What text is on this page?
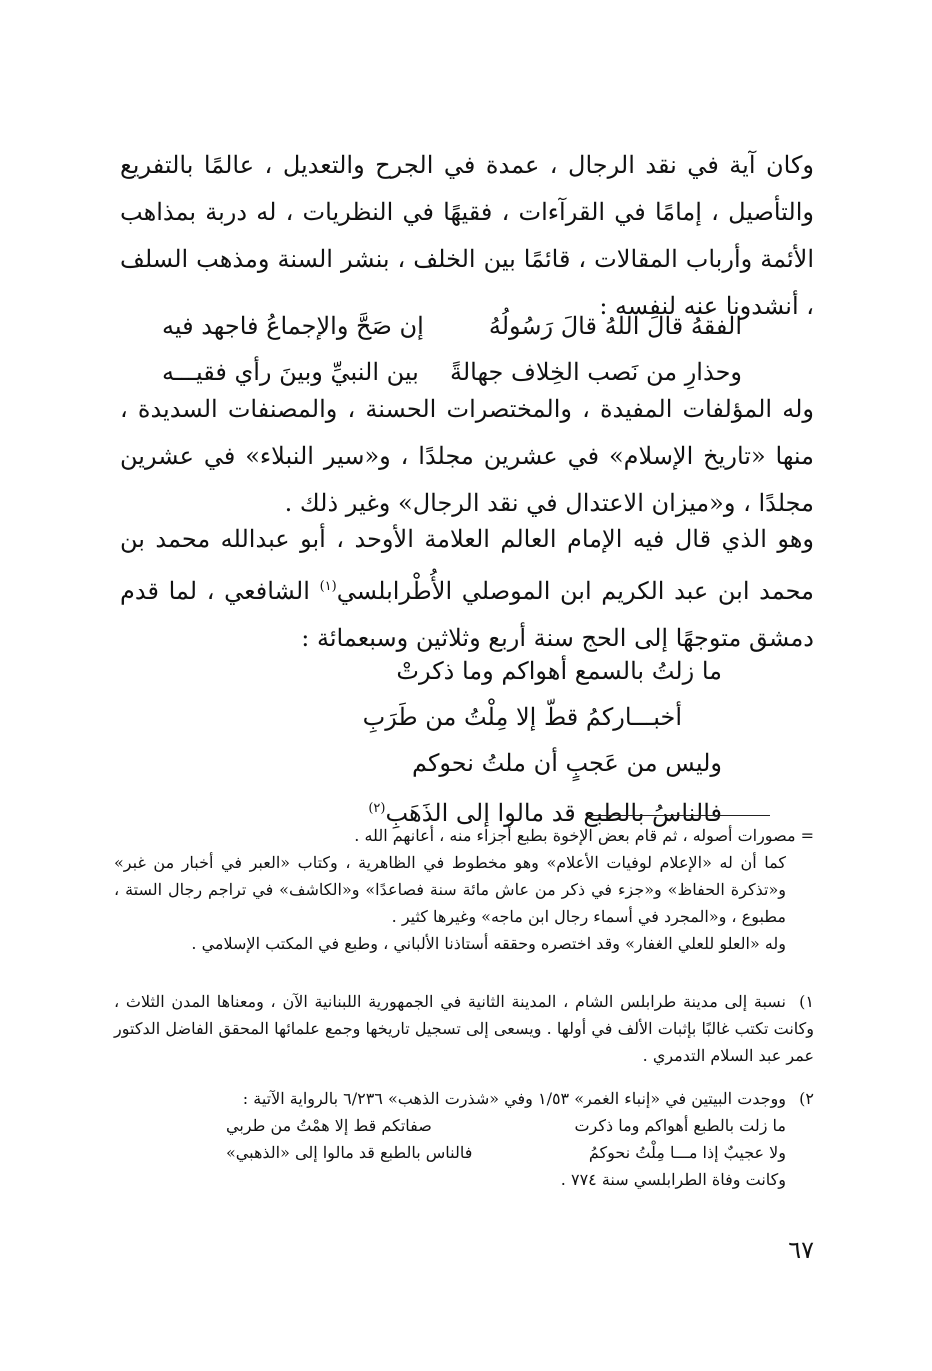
وكان آية في نقد الرجال ، عمدة في الجرح والتعديل ، عالمًا بالتفريع والتأصيل ، إمامًا في القرآءات ، فقيهًا في النظريات ، له دربة بمذاهب الأئمة وأرباب المقالات ، قائمًا بين الخلف ، بنشر السنة ومذهب السلف ، أنشدونا عنه لنفسه :
الفقهُ قالَ اللهُ قالَ رَسُولُهُ
إن صَحَّ والإجماعُ فاجهد فيه
وحذارِ من نَصب الخِلاف جهالةً
بين النبيِّ وبينَ رأي فقيـــه
وله المؤلفات المفيدة ، والمختصرات الحسنة ، والمصنفات السديدة ، منها «تاريخ الإسلام» في عشرين مجلدًا ، و«سير النبلاء» في عشرين مجلدًا ، و«ميزان الاعتدال في نقد الرجال» وغير ذلك .
وهو الذي قال فيه الإمام العالم العلامة الأوحد ، أبو عبدالله محمد بن محمد ابن عبد الكريم ابن الموصلي الأُطْرابلسي$^{(١)}$ الشافعي ، لما قدم دمشق متوجهًا إلى الحج سنة أربع وثلاثين وسبعمائة :
ما زلتُ بالسمع أهواكم وما ذكرتْ
أخبـــاركمُ قطّ إلا مِلْتُ من طَرَبِ
وليس من عَجبٍ أن ملتُ نحوكم
فالناسُ بالطبع قد مالوا إلى الذَهَبِ$^{(٢)}$
= مصورات أصوله ، ثم قام بعض الإخوة بطبع أجزاء منه ، أعانهم الله .
كما أن له «الإعلام لوفيات الأعلام» وهو مخطوط في الظاهرية ، وكتاب «العبر في أخبار من غبر» و«تذكرة الحفاظ» و«جزء في ذكر من عاش مائة سنة فصاعدًا» و«الكاشف» في تراجم رجال الستة ، مطبوع ، و«المجرد في أسماء رجال ابن ماجه» وغيرها كثير .
وله «العلو للعلي الغفار» وقد اختصره وحققه أستاذنا الألباني ، وطبع في المكتب الإسلامي .
١)نسبة إلى مدينة طرابلس الشام ، المدينة الثانية في الجمهورية اللبنانية الآن ، ومعناها المدن الثلاث ، وكانت تكتب غالبًا بإثبات الألف في أولها . ويسعى إلى تسجيل تاريخها وجمع علمائها المحقق الفاضل الدكتور عمر عبد السلام التدمري .
٢)ووجدت البيتين في «إنباء الغمر» ١/٥٣ وفي «شذرت الذهب» ٦/٢٣٦ بالرواية الآتية :
ما زلت بالطبع أهواكم وما ذكرت
صفاتكم قط إلا همْتُ من طربي
ولا عجيبٌ إذا مـــا مِلْتُ نحوكمُ
فالناس بالطبع قد مالوا إلى «الذهبي»
وكانت وفاة الطرابلسي سنة ٧٧٤ .
٦٧
